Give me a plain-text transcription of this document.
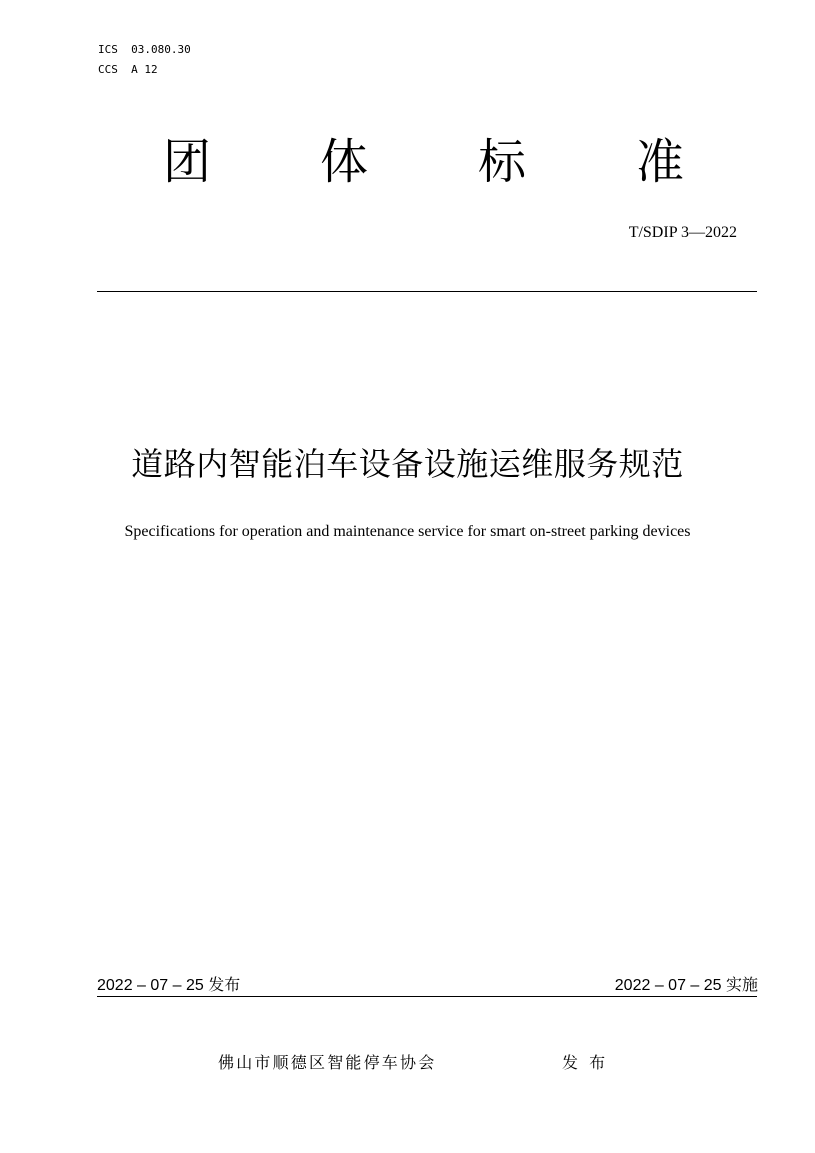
ICS  03.080.30
CCS  A 12
团 体 标 准
T/SDIP 3—2022
道路内智能泊车设备设施运维服务规范
Specifications for operation and maintenance service for smart on-street parking devices
2022 – 07 – 25 发布	2022 – 07 – 25 实施
佛山市顺德区智能停车协会	发 布
